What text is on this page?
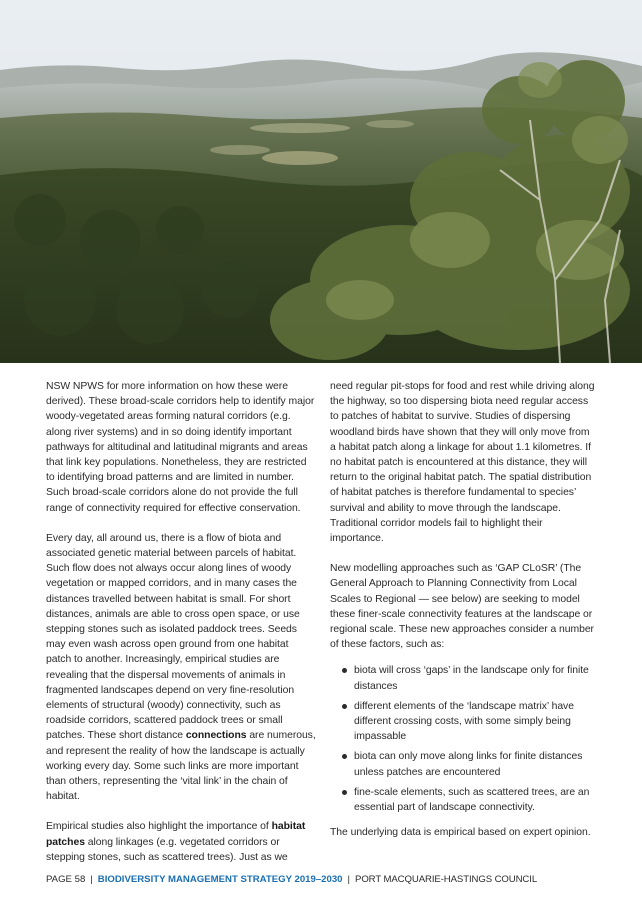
NSW NPWS for more information on how these were derived). These broad-scale corridors help to identify major woody-vegetated areas forming natural corridors (e.g. along river systems) and in so doing identify important pathways for altitudinal and latitudinal migrants and areas that link key populations. Nonetheless, they are restricted to identifying broad patterns and are limited in number. Such broad-scale corridors alone do not provide the full range of connectivity required for effective conservation.

Every day, all around us, there is a flow of biota and associated genetic material between parcels of habitat. Such flow does not always occur along lines of woody vegetation or mapped corridors, and in many cases the distances travelled between habitat is small. For short distances, animals are able to cross open space, or use stepping stones such as isolated paddock trees. Seeds may even wash across open ground from one habitat patch to another. Increasingly, empirical studies are revealing that the dispersal movements of animals in fragmented landscapes depend on very fine-resolution elements of structural (woody) connectivity, such as roadside corridors, scattered paddock trees or small patches. These short distance connections are numerous, and represent the reality of how the landscape is actually working every day. Some such links are more important than others, representing the ‘vital link’ in the chain of habitat.

Empirical studies also highlight the importance of habitat patches along linkages (e.g. vegetated corridors or stepping stones, such as scattered trees). Just as we

need regular pit-stops for food and rest while driving along the highway, so too dispersing biota need regular access to patches of habitat to survive. Studies of dispersing woodland birds have shown that they will only move from a habitat patch along a linkage for about 1.1 kilometres. If no habitat patch is encountered at this distance, they will return to the original habitat patch. The spatial distribution of habitat patches is therefore fundamental to species’ survival and ability to move through the landscape. Traditional corridor models fail to highlight their importance.

New modelling approaches such as ‘GAP CLoSR’ (The General Approach to Planning Connectivity from Local Scales to Regional — see below) are seeking to model these finer-scale connectivity features at the landscape or regional scale. These new approaches consider a number of these factors, such as:

biota will cross ‘gaps’ in the landscape only for finite distances
different elements of the ‘landscape matrix’ have different crossing costs, with some simply being impassable
biota can only move along links for finite distances unless patches are encountered
fine-scale elements, such as scattered trees, are an essential part of landscape connectivity.

The underlying data is empirical based on expert opinion.

PAGE 58 | BIODIVERSITY MANAGEMENT STRATEGY 2019–2030 | PORT MACQUARIE-HASTINGS COUNCIL
